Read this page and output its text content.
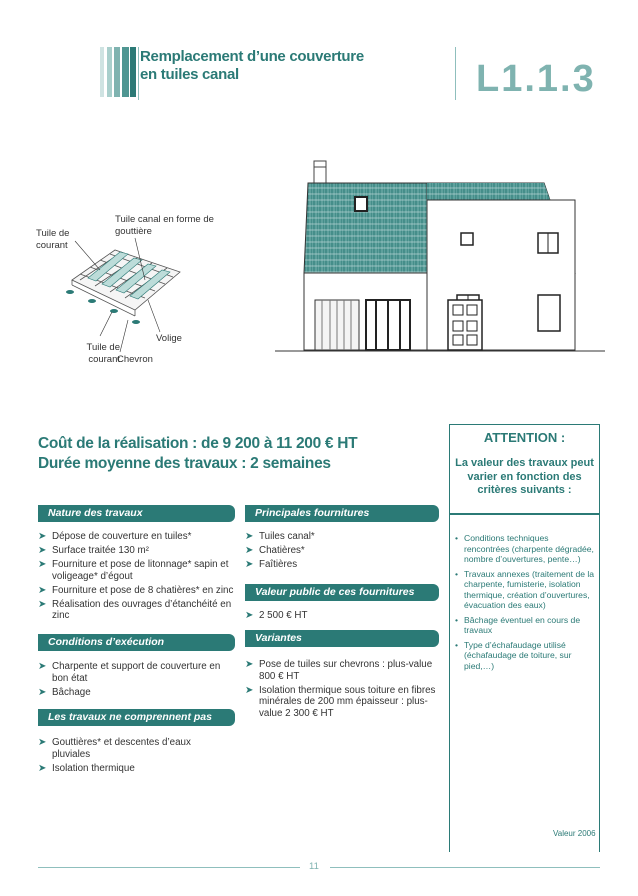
Remplacement d’une couverture
en tuiles canal	L1.1.3
Tuile de courant
Tuile canal en forme de gouttière
Volige
Tuile de courant
Chevron
Coût de la réalisation : de 9 200 à 11 200 € HT
Durée moyenne des travaux : 2 semaines
Nature des travaux
➤ Dépose de couverture en tuiles*
➤ Surface traitée 130 m²
➤ Fourniture et pose de litonnage* sapin et voligeage* d’égout
➤ Fourniture et pose de 8 chatières* en zinc
➤ Réalisation des ouvrages d’étanchéité en zinc
Conditions d’exécution
➤ Charpente et support de couverture en bon état
➤ Bâchage
Les travaux ne comprennent pas
➤ Gouttières* et descentes d’eaux pluviales
➤ Isolation thermique
Principales fournitures
➤ Tuiles canal*
➤ Chatières*
➤ Faîtières
Valeur public de ces fournitures
➤ 2 500 € HT
Variantes
➤ Pose de tuiles sur chevrons : plus-value 800 € HT
➤ Isolation thermique sous toiture en fibres minérales de 200 mm épaisseur : plus-value 2 300 € HT
ATTENTION :
La valeur des travaux peut varier en fonction des critères suivants :
• Conditions techniques rencontrées (charpente dégradée, nombre d’ouvertures, pente…)
• Travaux annexes (traitement de la charpente, fumisterie, isolation thermique, création d’ouvertures, évacuation des eaux)
• Bâchage éventuel en cours de travaux
• Type d’échafaudage utilisé (échafaudage de toiture, sur pied,…)
Valeur 2006
11
